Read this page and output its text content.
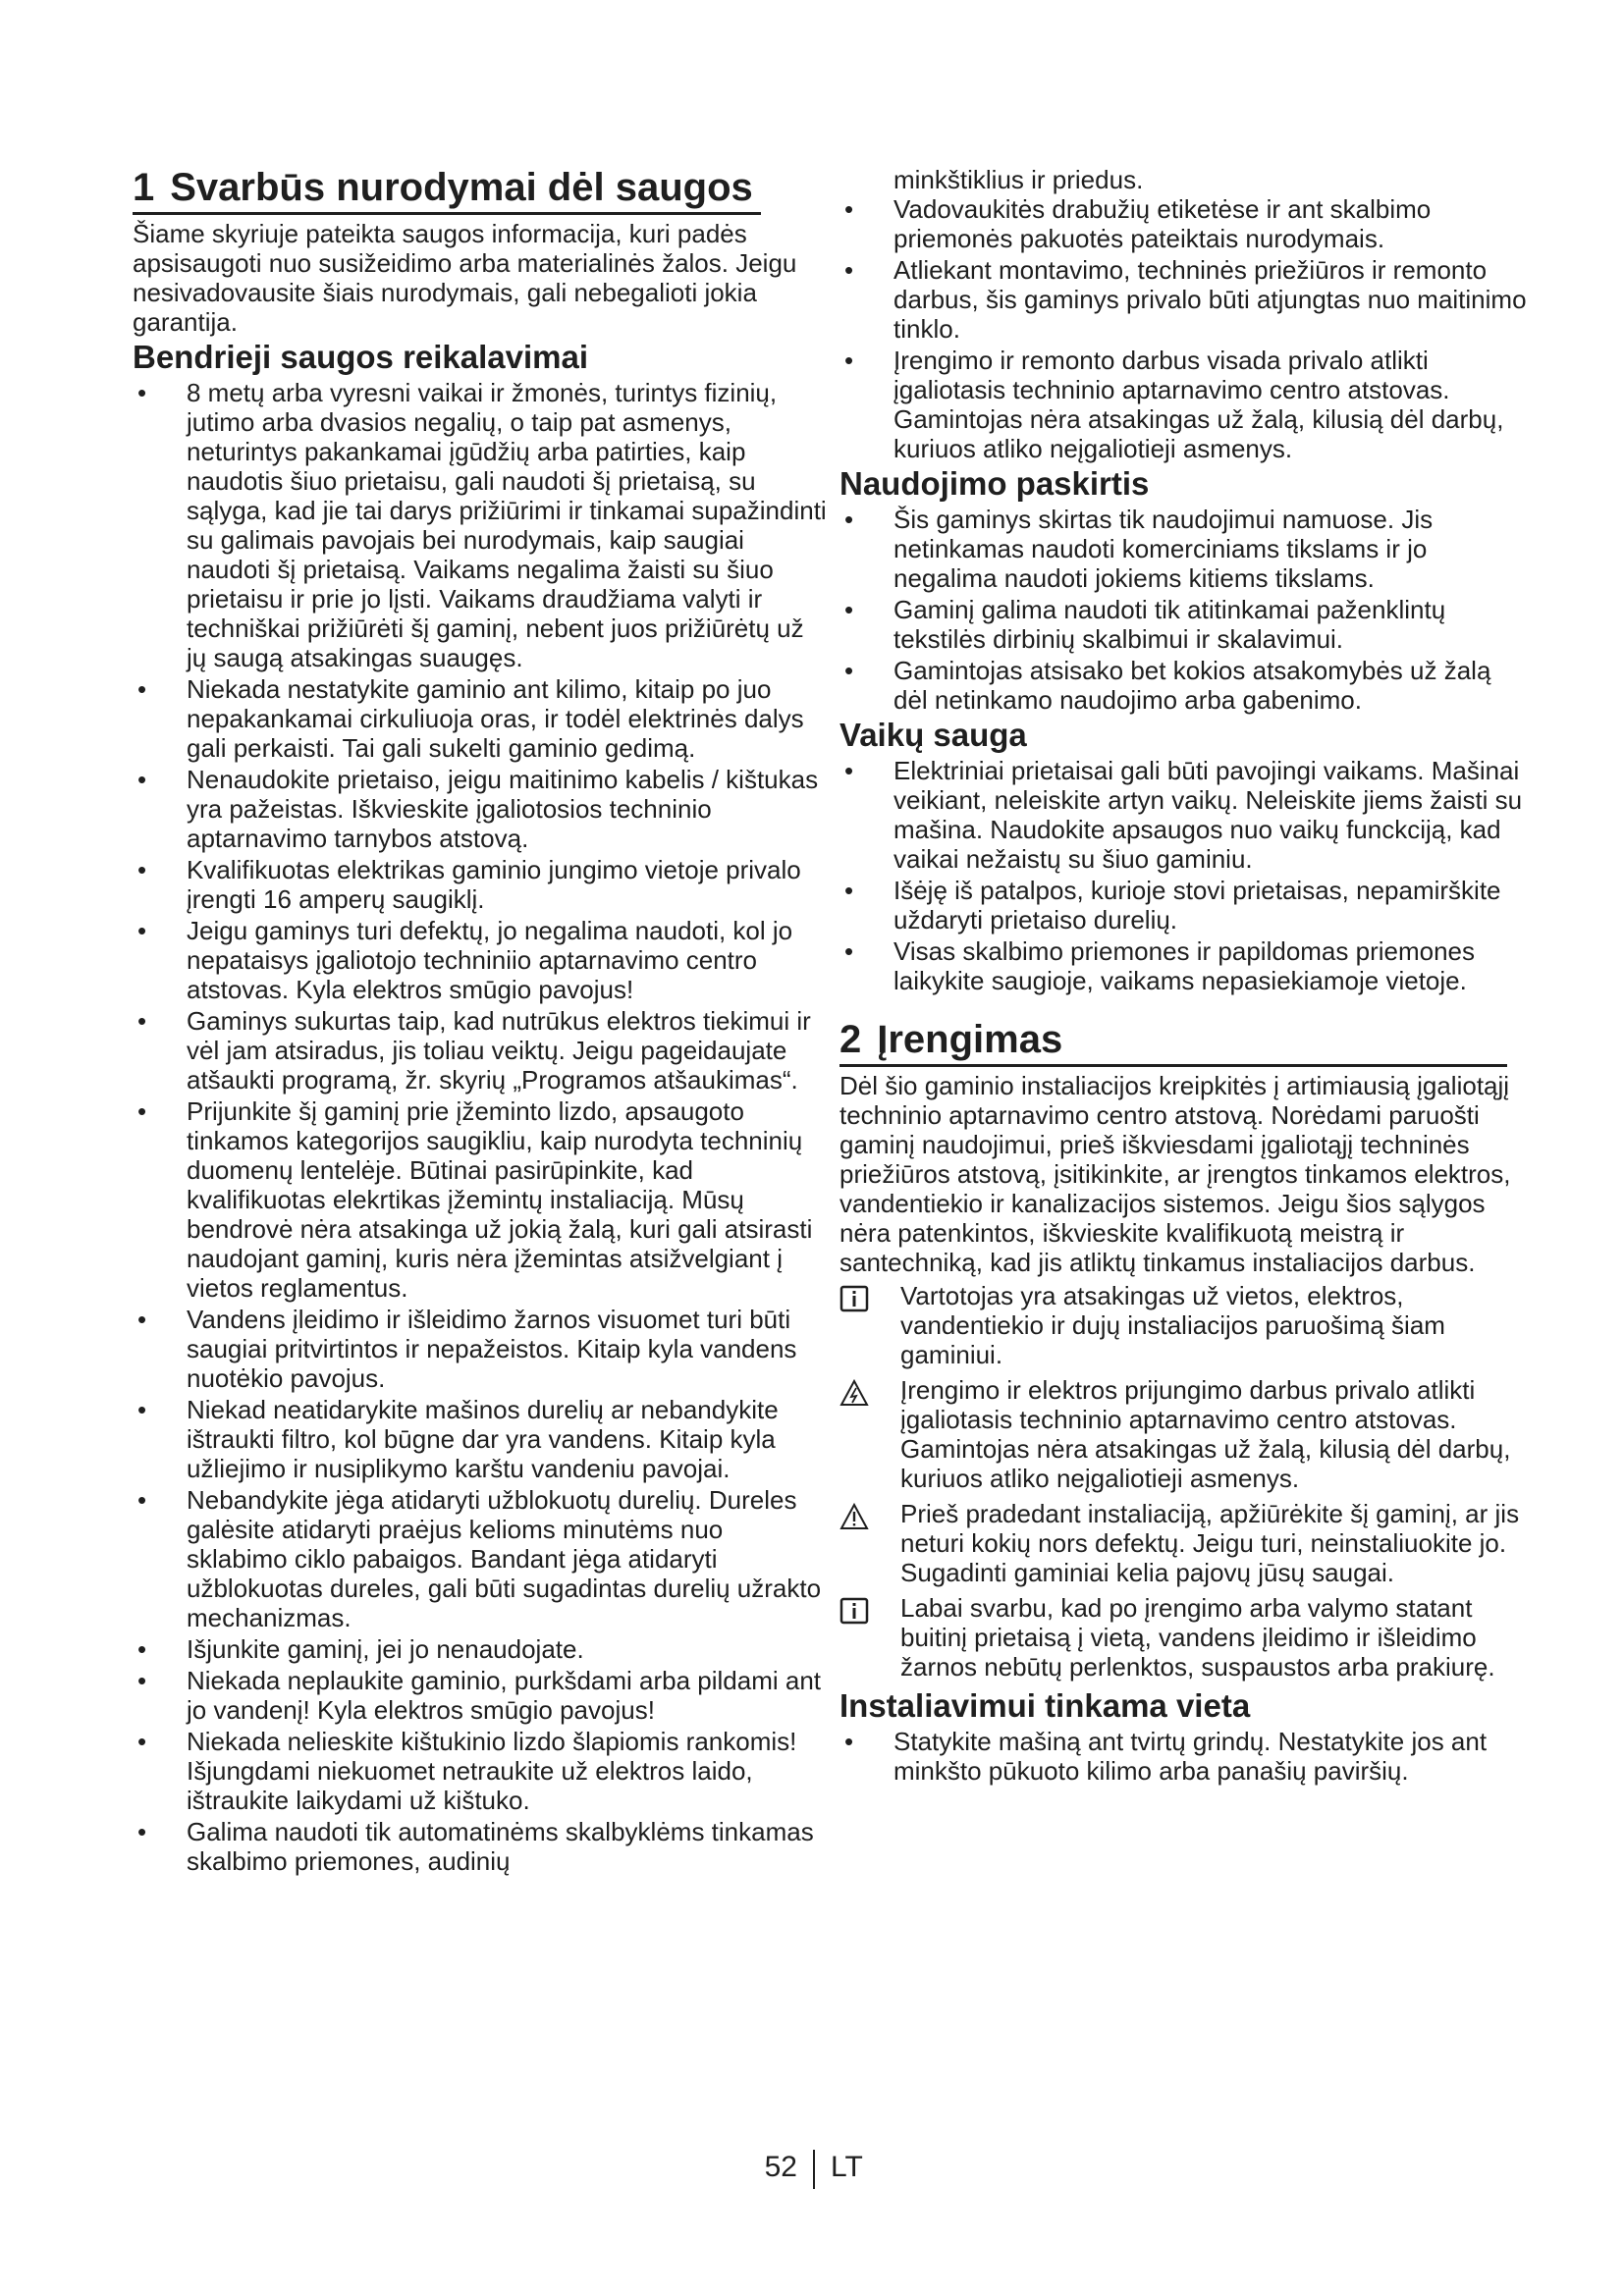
1 Svarbūs nurodymai dėl saugos

Šiame skyriuje pateikta saugos informacija, kuri padės apsisaugoti nuo susižeidimo arba materialinės žalos. Jeigu nesivadovausite šiais nurodymais, gali nebegalioti jokia garantija.

Bendrieji saugos reikalavimai
• 8 metų arba vyresni vaikai ir žmonės, turintys fizinių, jutimo arba dvasios negalių, o taip pat asmenys, neturintys pakankamai įgūdžių arba patirties, kaip naudotis šiuo prietaisu, gali naudoti šį prietaisą, su sąlyga, kad jie tai darys prižiūrimi ir tinkamai supažindinti su galimais pavojais bei nurodymais, kaip saugiai naudoti šį prietaisą. Vaikams negalima žaisti su šiuo prietaisu ir prie jo lįsti. Vaikams draudžiama valyti ir techniškai prižiūrėti šį gaminį, nebent juos prižiūrėtų už jų saugą atsakingas suaugęs.
• Niekada nestatykite gaminio ant kilimo, kitaip po juo nepakankamai cirkuliuoja oras, ir todėl elektrinės dalys gali perkaisti. Tai gali sukelti gaminio gedimą.
• Nenaudokite prietaiso, jeigu maitinimo kabelis / kištukas yra pažeistas. Iškvieskite įgaliotosios techninio aptarnavimo tarnybos atstovą.
• Kvalifikuotas elektrikas gaminio jungimo vietoje privalo įrengti 16 amperų saugiklį.
• Jeigu gaminys turi defektų, jo negalima naudoti, kol jo nepataisys įgaliotojo techniniio aptarnavimo centro atstovas. Kyla elektros smūgio pavojus!
• Gaminys sukurtas taip, kad nutrūkus elektros tiekimui ir vėl jam atsiradus, jis toliau veiktų. Jeigu pageidaujate atšaukti programą, žr. skyrių „Programos atšaukimas“.
• Prijunkite šį gaminį prie įžeminto lizdo, apsaugoto tinkamos kategorijos saugikliu, kaip nurodyta techninių duomenų lentelėje. Būtinai pasirūpinkite, kad kvalifikuotas elekrtikas įžemintų instaliaciją. Mūsų bendrovė nėra atsakinga už jokią žalą, kuri gali atsirasti naudojant gaminį, kuris nėra įžemintas atsižvelgiant į vietos reglamentus.
• Vandens įleidimo ir išleidimo žarnos visuomet turi būti saugiai pritvirtintos ir nepažeistos. Kitaip kyla vandens nuotėkio pavojus.
• Niekad neatidarykite mašinos durelių ar nebandykite ištraukti filtro, kol būgne dar yra vandens. Kitaip kyla užliejimo ir nusiplikymo karštu vandeniu pavojai.
• Nebandykite jėga atidaryti užblokuotų durelių. Dureles galėsite atidaryti praėjus kelioms minutėms nuo sklabimo ciklo pabaigos. Bandant jėga atidaryti užblokuotas dureles, gali būti sugadintas durelių užrakto mechanizmas.
• Išjunkite gaminį, jei jo nenaudojate.
• Niekada neplaukite gaminio, purkšdami arba pildami ant jo vandenį! Kyla elektros smūgio pavojus!
• Niekada nelieskite kištukinio lizdo šlapiomis rankomis! Išjungdami niekuomet netraukite už elektros laido, ištraukite laikydami už kištuko.
• Galima naudoti tik automatinėms skalbyklėms tinkamas skalbimo priemones, audinių

minkštiklius ir priedus.

• Vadovaukitės drabužių etiketėse ir ant skalbimo priemonės pakuotės pateiktais nurodymais.
• Atliekant montavimo, techninės priežiūros ir remonto darbus, šis gaminys privalo būti atjungtas nuo maitinimo tinklo.
• Įrengimo ir remonto darbus visada privalo atlikti įgaliotasis techninio aptarnavimo centro atstovas. Gamintojas nėra atsakingas už žalą, kilusią dėl darbų, kuriuos atliko neįgaliotieji asmenys.
Naudojimo paskirtis
• Šis gaminys skirtas tik naudojimui namuose. Jis netinkamas naudoti komerciniams tikslams ir jo negalima naudoti jokiems kitiems tikslams.
• Gaminį galima naudoti tik atitinkamai paženklintų tekstilės dirbinių skalbimui ir skalavimui.
• Gamintojas atsisako bet kokios atsakomybės už žalą dėl netinkamo naudojimo arba gabenimo.
Vaikų sauga
• Elektriniai prietaisai gali būti pavojingi vaikams. Mašinai veikiant, neleiskite artyn vaikų. Neleiskite jiems žaisti su mašina. Naudokite apsaugos nuo vaikų funckciją, kad vaikai nežaistų su šiuo gaminiu.
• Išėję iš patalpos, kurioje stovi prietaisas, nepamirškite uždaryti prietaiso durelių.
• Visas skalbimo priemones ir papildomas priemones laikykite saugioje, vaikams nepasiekiamoje vietoje.
2 Įrengimas

Dėl šio gaminio instaliacijos kreipkitės į artimiausią įgaliotąjį techninio aptarnavimo centro atstovą. Norėdami paruošti gaminį naudojimui, prieš iškviesdami įgaliotąjį techninės priežiūros atstovą, įsitikinkite, ar įrengtos tinkamos elektros, vandentiekio ir kanalizacijos sistemos. Jeigu šios sąlygos nėra patenkintos, iškvieskite kvalifikuotą meistrą ir santechniką, kad jis atliktų tinkamus instaliacijos darbus.

Vartotojas yra atsakingas už vietos, elektros, vandentiekio ir dujų instaliacijos paruošimą šiam gaminiui.
Įrengimo ir elektros prijungimo darbus privalo atlikti įgaliotasis techninio aptarnavimo centro atstovas. Gamintojas nėra atsakingas už žalą, kilusią dėl darbų, kuriuos atliko neįgaliotieji asmenys.
Prieš pradedant instaliaciją, apžiūrėkite šį gaminį, ar jis neturi kokių nors defektų. Jeigu turi, neinstaliuokite jo. Sugadinti gaminiai kelia pajovų jūsų saugai.
Labai svarbu, kad po įrengimo arba valymo statant buitinį prietaisą į vietą, vandens įleidimo ir išleidimo žarnos nebūtų perlenktos, suspaustos arba prakiurę.
Instaliavimui tinkama vieta
• Statykite mašiną ant tvirtų grindų. Nestatykite jos ant minkšto pūkuoto kilimo arba panašių paviršių.
52 LT
